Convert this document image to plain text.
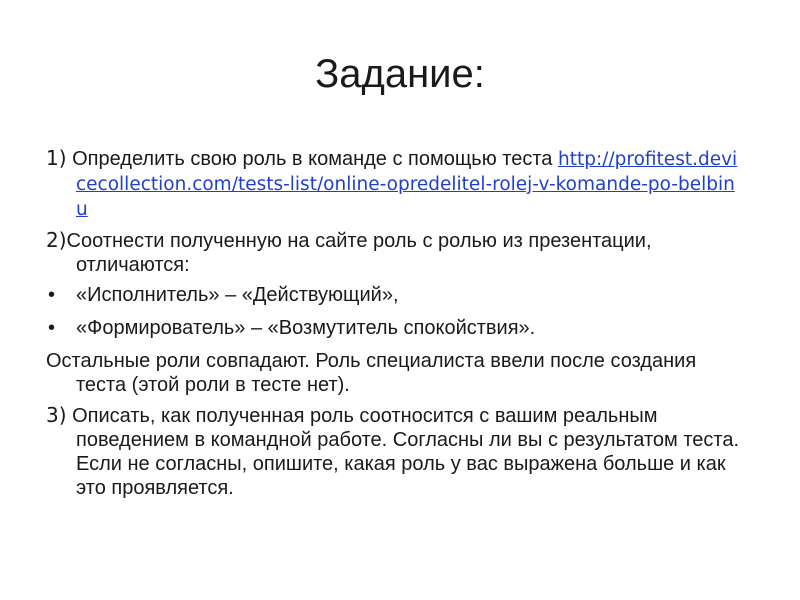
Задание:

1) Определить свою роль в команде с помощью теста http://profitest.devicecollection.com/tests-list/online-opredelitel-rolej-v-komande-po-belbinu

2)Соотнести полученную на сайте роль с ролью из презентации, отличаются:

• «Исполнитель» – «Действующий»,
• «Формирователь» – «Возмутитель спокойствия».

Остальные роли совпадают. Роль специалиста ввели после создания теста (этой роли в тесте нет).

3) Описать, как полученная роль соотносится с вашим реальным поведением в командной работе. Согласны ли вы с результатом теста. Если не согласны, опишите, какая роль у вас выражена больше и как это проявляется.
